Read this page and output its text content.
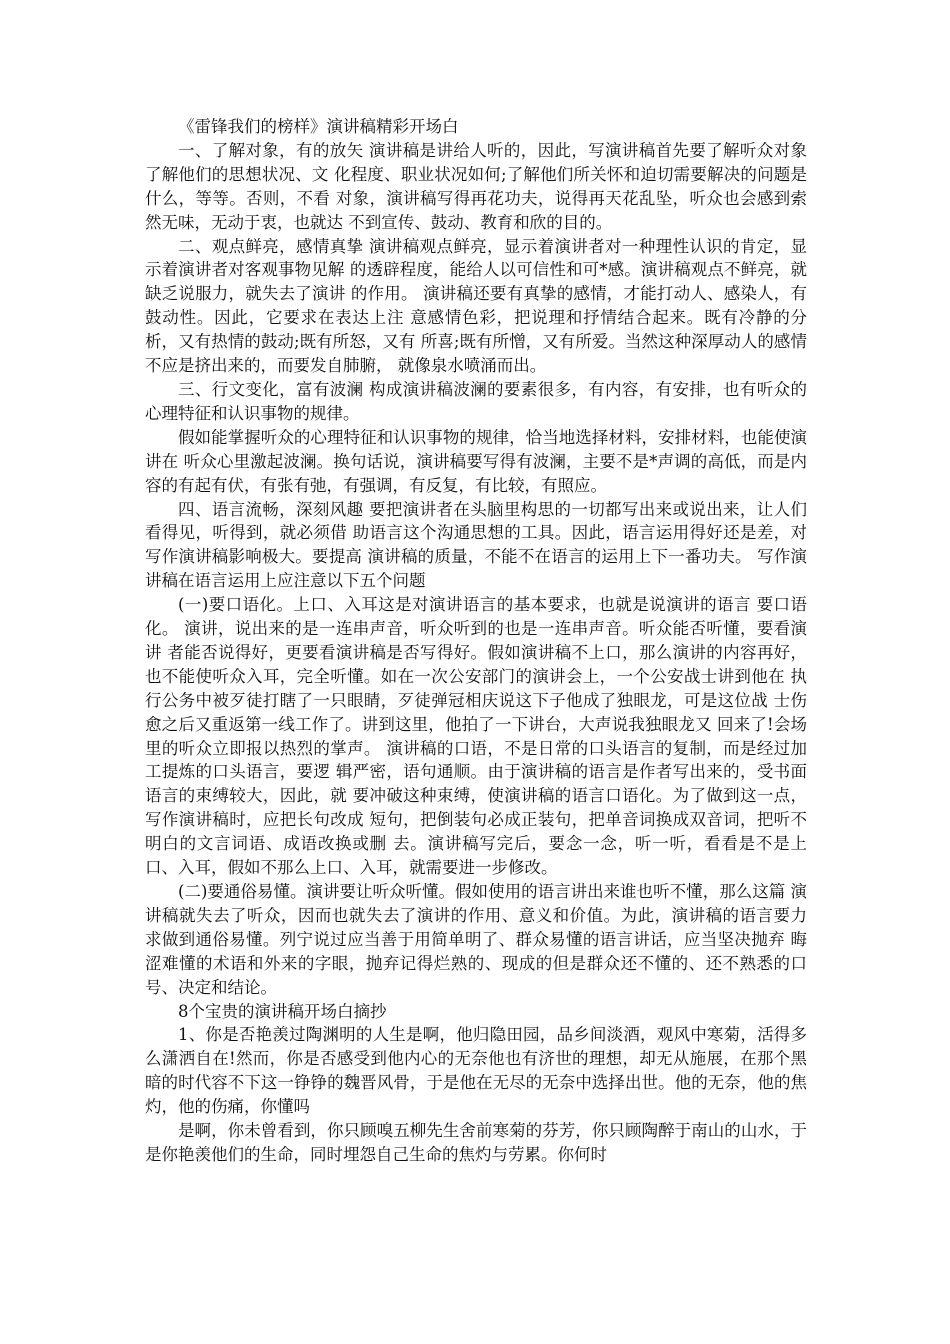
《雷锋我们的榜样》演讲稿精彩开场白

一、了解对象，有的放矢 演讲稿是讲给人听的，因此，写演讲稿首先要了解听众对象了解他们的思想状况、文 化程度、职业状况如何;了解他们所关怀和迫切需要解决的问题是什么，等等。否则，不看 对象，演讲稿写得再花功夫，说得再天花乱坠，听众也会感到索然无味，无动于衷，也就达 不到宣传、鼓动、教育和欣的目的。

二、观点鲜亮，感情真挚 演讲稿观点鲜亮，显示着演讲者对一种理性认识的肯定，显示着演讲者对客观事物见解 的透辟程度，能给人以可信性和可*感。演讲稿观点不鲜亮，就缺乏说服力，就失去了演讲 的作用。 演讲稿还要有真挚的感情，才能打动人、感染人，有鼓动性。因此，它要求在表达上注 意感情色彩，把说理和抒情结合起来。既有冷静的分析，又有热情的鼓动;既有所怒，又有 所喜;既有所憎，又有所爱。当然这种深厚动人的感情不应是挤出来的，而要发自肺腑， 就像泉水喷涌而出。

三、行文变化，富有波澜 构成演讲稿波澜的要素很多，有内容，有安排，也有听众的心理特征和认识事物的规律。

假如能掌握听众的心理特征和认识事物的规律，恰当地选择材料，安排材料，也能使演讲在 听众心里激起波澜。换句话说，演讲稿要写得有波澜，主要不是*声调的高低，而是内容的有起有伏，有张有弛，有强调，有反复，有比较，有照应。

四、语言流畅，深刻风趣 要把演讲者在头脑里构思的一切都写出来或说出来，让人们看得见，听得到，就必须借 助语言这个沟通思想的工具。因此，语言运用得好还是差，对写作演讲稿影响极大。要提高 演讲稿的质量，不能不在语言的运用上下一番功夫。 写作演讲稿在语言运用上应注意以下五个问题

(一)要口语化。上口、入耳这是对演讲语言的基本要求，也就是说演讲的语言 要口语化。 演讲，说出来的是一连串声音，听众听到的也是一连串声音。听众能否听懂，要看演讲 者能否说得好，更要看演讲稿是否写得好。假如演讲稿不上口，那么演讲的内容再好， 也不能使听众入耳，完全听懂。如在一次公安部门的演讲会上，一个公安战士讲到他在 执行公务中被歹徒打瞎了一只眼睛，歹徒弹冠相庆说这下子他成了独眼龙，可是这位战 士伤愈之后又重返第一线工作了。讲到这里，他拍了一下讲台，大声说我独眼龙又 回来了!会场里的听众立即报以热烈的掌声。 演讲稿的口语，不是日常的口头语言的复制，而是经过加工提炼的口头语言，要逻 辑严密，语句通顺。由于演讲稿的语言是作者写出来的，受书面语言的束缚较大，因此，就 要冲破这种束缚，使演讲稿的语言口语化。为了做到这一点，写作演讲稿时，应把长句改成 短句，把倒装句必成正装句，把单音词换成双音词，把听不明白的文言词语、成语改换或删 去。演讲稿写完后，要念一念，听一听，看看是不是上口、入耳，假如不那么上口、入耳，就需要进一步修改。

(二)要通俗易懂。演讲要让听众听懂。假如使用的语言讲出来谁也听不懂，那么这篇 演讲稿就失去了听众，因而也就失去了演讲的作用、意义和价值。为此，演讲稿的语言要力 求做到通俗易懂。列宁说过应当善于用简单明了、群众易懂的语言讲话，应当坚决抛弃 晦涩难懂的术语和外来的字眼，抛弃记得烂熟的、现成的但是群众还不懂的、还不熟悉的口 号、决定和结论。

8个宝贵的演讲稿开场白摘抄

1、你是否艳羡过陶渊明的人生是啊，他归隐田园，品乡间淡酒，观风中寒菊，活得多么潇洒自在!然而，你是否感受到他内心的无奈他也有济世的理想，却无从施展，在那个黑暗的时代容不下这一铮铮的魏晋风骨，于是他在无尽的无奈中选择出世。他的无奈，他的焦灼，他的伤痛，你懂吗

是啊，你未曾看到，你只顾嗅五柳先生舍前寒菊的芬芳，你只顾陶醉于南山的山水，于是你艳羡他们的生命，同时埋怨自己生命的焦灼与劳累。你何时
